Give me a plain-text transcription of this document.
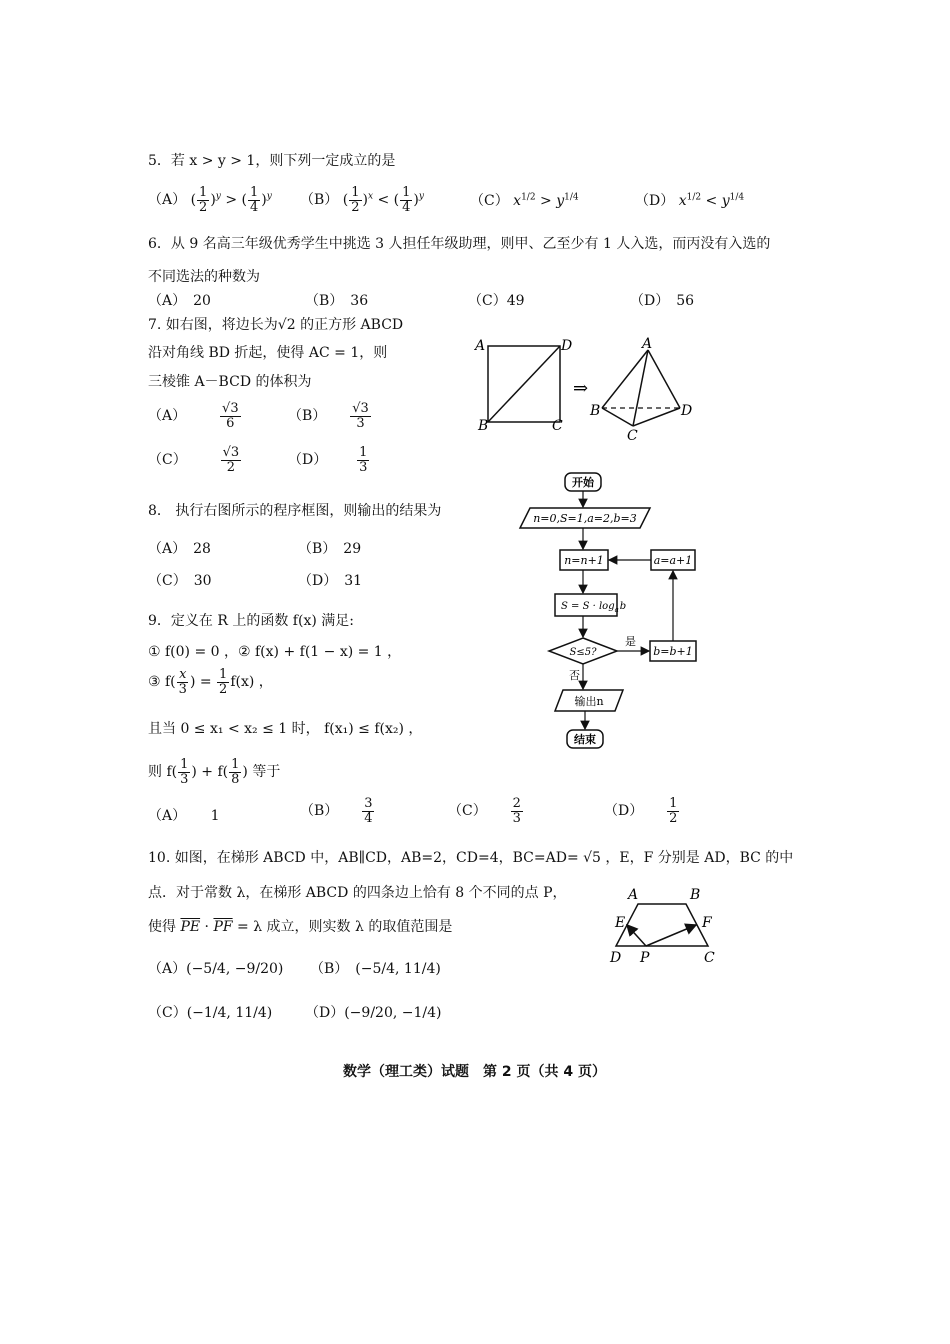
5．若 x > y > 1，则下列一定成立的是
（A） ( $\frac{1}{2} )^y$ > ( $\frac{1}{4} )^y$ （B） ( $\frac{1}{2} )^x$ < ( $\frac{1}{4} )^y$	（C） $x^{1/2} > y^{1/4}$	（D） $x^{1/2} < y^{1/4}$
6．从 9 名高三年级优秀学生中挑选 3 人担任年级助理，则甲、乙至少有 1 人入选，而丙没有入选的
不同选法的种数为
（A）　20	（B）　36	（C）49	（D）　56
7. 如右图，将边长为√2 的正方形 ABCD
沿对角线 BD 折起，使得 AC = 1，则
三棱锥 A－BCD 的体积为
（A）	$\frac{√3}{6}$	$(B) \frac{√3}{3}$
（C）	$\frac{√3}{2}$	$(D) \frac{1}{3}$
A	D
B	C
⇒
A
B
C
D
8． 执行右图所示的程序框图，则输出的结果为
（A）　28	（B）　29
（C）　30	（D）　31
开始
n=0,S=1,a=2,b=3
n=n+1	a=a+1
$S = S \cdot \log_ab$
S≤5?
是
b=b+1
否
输出n
结束
9．定义在 R 上的函数 f(x) 满足:
① f(0) = 0 ，② f(x) + f(1 − x) = 1 ，
③ $f( \frac{x}{3}$ ) = $\frac{1}{2} f(x)$ ，
且当 0 ≤ x₁ < x₂ ≤ 1 时， f(x₁) ≤ f(x₂) ，
则 $f( \frac{1}{3}$ ) + $f( \frac{1}{8}$ ) 等于
（A） 1	$(B) \frac{3}{4}$	$(C) \frac{2}{3}$	$(D) \frac{1}{2}$
10. 如图，在梯形 ABCD 中，AB∥CD，AB=2，CD=4，BC=AD= √5 ，E，F 分别是 AD，BC 的中
点．对于常数 λ，在梯形 ABCD 的四条边上恰有 8 个不同的点 P，
使得 $\overline{PE} \cdot \overline{PF} = \lambda$ 成立，则实数 λ 的取值范围是
（A）(−5/4, −9/20) （B）　(−5/4, 11/4)
（C）(−1/4, 11/4) （D）(−9/20, −1/4)
A	B
E	F
D P	C
数学（理工类）试题　第 2 页（共 4 页）
